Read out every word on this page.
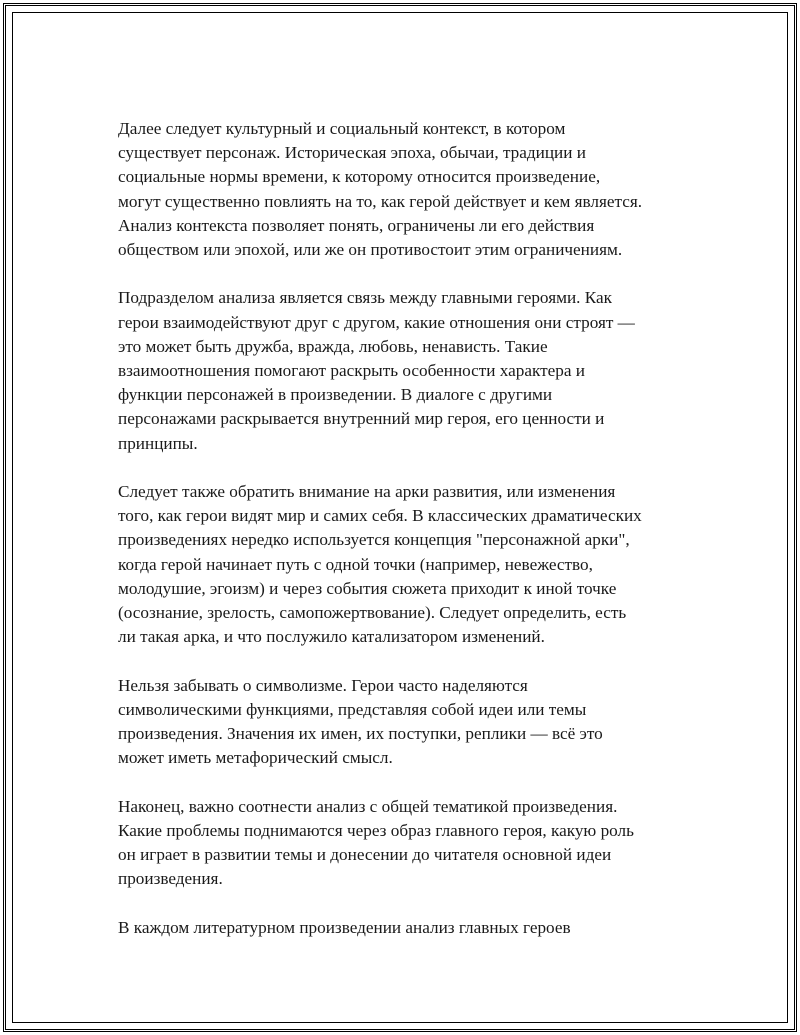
Далее следует культурный и социальный контекст, в котором
существует персонаж. Историческая эпоха, обычаи, традиции и
социальные нормы времени, к которому относится произведение,
могут существенно повлиять на то, как герой действует и кем является.
Анализ контекста позволяет понять, ограничены ли его действия
обществом или эпохой, или же он противостоит этим ограничениям.

Подразделом анализа является связь между главными героями. Как
герои взаимодействуют друг с другом, какие отношения они строят —
это может быть дружба, вражда, любовь, ненависть. Такие
взаимоотношения помогают раскрыть особенности характера и
функции персонажей в произведении. В диалоге с другими
персонажами раскрывается внутренний мир героя, его ценности и
принципы.

Следует также обратить внимание на арки развития, или изменения
того, как герои видят мир и самих себя. В классических драматических
произведениях нередко используется концепция "персонажной арки",
когда герой начинает путь с одной точки (например, невежество,
молодушие, эгоизм) и через события сюжета приходит к иной точке
(осознание, зрелость, самопожертвование). Следует определить, есть
ли такая арка, и что послужило катализатором изменений.

Нельзя забывать о символизме. Герои часто наделяются
символическими функциями, представляя собой идеи или темы
произведения. Значения их имен, их поступки, реплики — всё это
может иметь метафорический смысл.

Наконец, важно соотнести анализ с общей тематикой произведения.
Какие проблемы поднимаются через образ главного героя, какую роль
он играет в развитии темы и донесении до читателя основной идеи
произведения.

В каждом литературном произведении анализ главных героев
